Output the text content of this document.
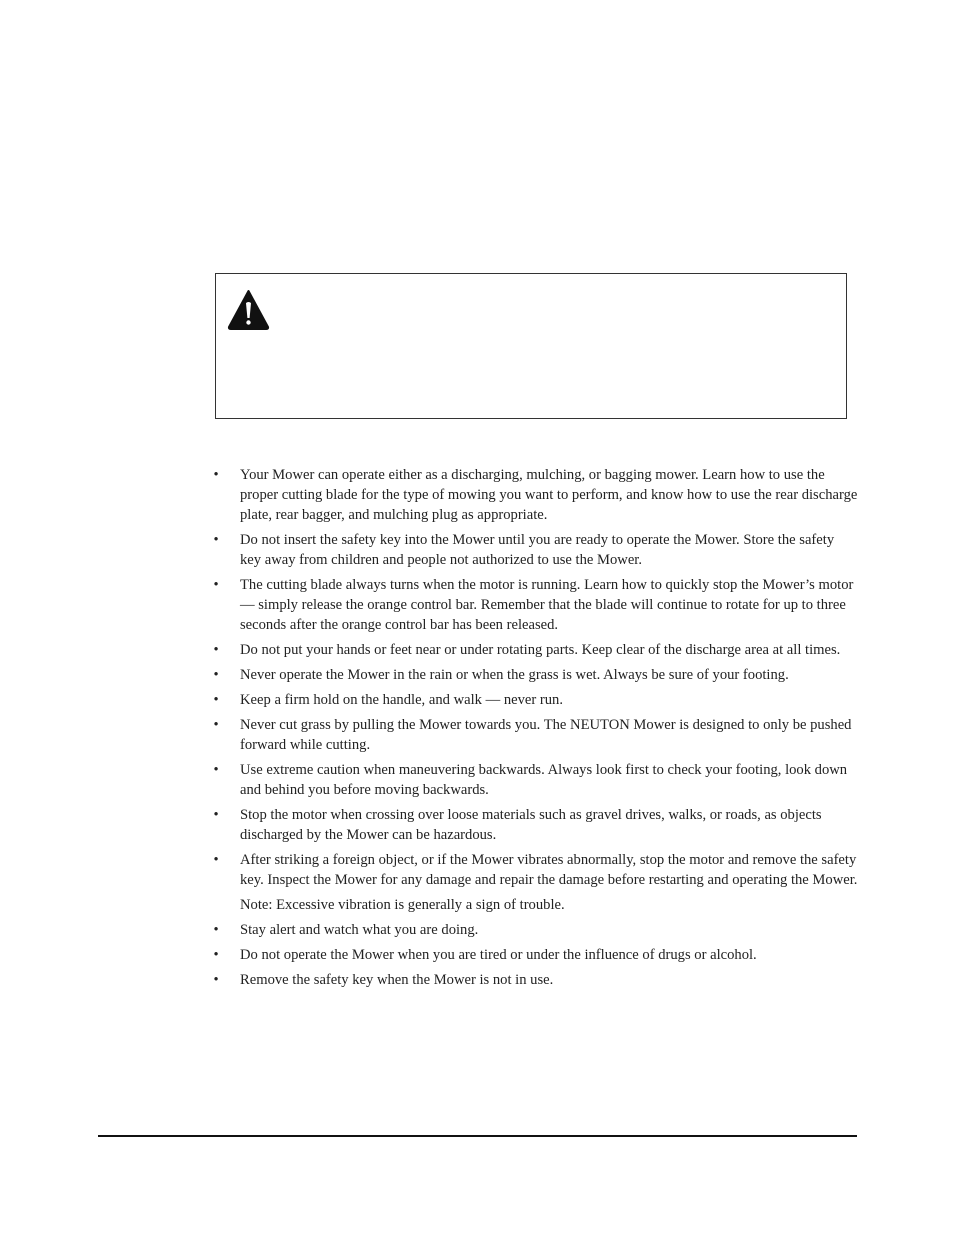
• Your Mower can operate either as a discharging, mulching, or bagging mower. Learn how to use the proper cutting blade for the type of mowing you want to perform, and know how to use the rear discharge plate, rear bagger, and mulching plug as appropriate.
• Do not insert the safety key into the Mower until you are ready to operate the Mower. Store the safety key away from children and people not authorized to use the Mower.
• The cutting blade always turns when the motor is running. Learn how to quickly stop the Mower’s motor — simply release the orange control bar. Remember that the blade will continue to rotate for up to three seconds after the orange control bar has been released.
• Do not put your hands or feet near or under rotating parts. Keep clear of the discharge area at all times.
• Never operate the Mower in the rain or when the grass is wet. Always be sure of your footing.
• Keep a firm hold on the handle, and walk — never run.
• Never cut grass by pulling the Mower towards you. The NEUTON Mower is designed to only be pushed forward while cutting.
• Use extreme caution when maneuvering backwards. Always look first to check your footing, look down and behind you before moving backwards.
• Stop the motor when crossing over loose materials such as gravel drives, walks, or roads, as objects discharged by the Mower can be hazardous.
• After striking a foreign object, or if the Mower vibrates abnormally, stop the motor and remove the safety key. Inspect the Mower for any damage and repair the damage before restarting and operating the Mower.
Note: Excessive vibration is generally a sign of trouble.
• Stay alert and watch what you are doing.
• Do not operate the Mower when you are tired or under the influence of drugs or alcohol.
• Remove the safety key when the Mower is not in use.
